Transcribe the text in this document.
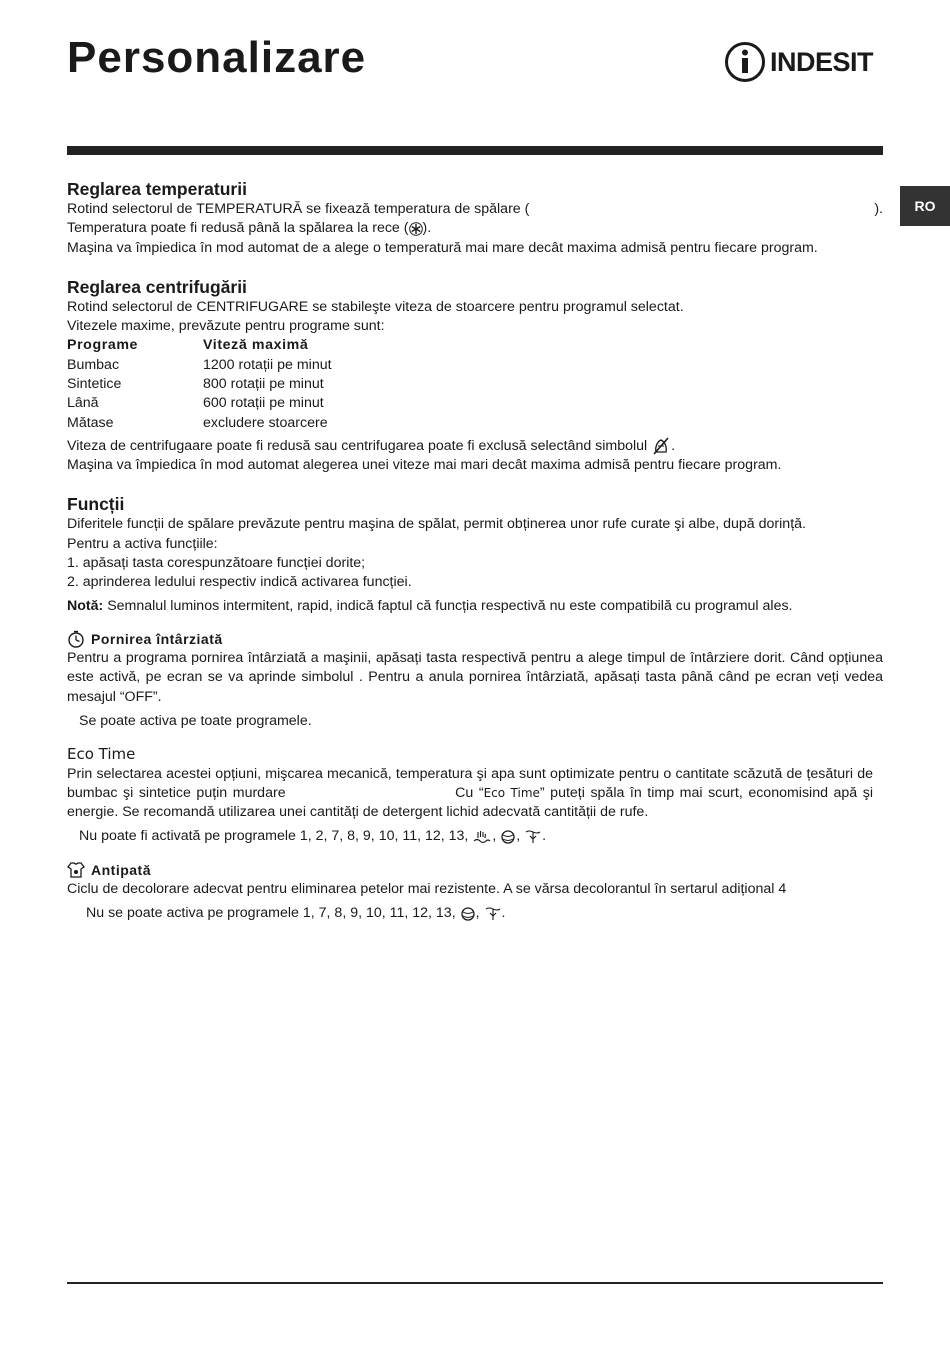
Personalizare	INDESIT
RO
Reglarea temperaturii

Rotind selectorul de TEMPERATURĂ se fixează temperatura de spălare (	).

Temperatura poate fi redusă până la spălarea la rece ( ).

Maşina va împiedica în mod automat de a alege o temperatură mai mare decât maxima admisă pentru fiecare program.

Reglarea centrifugării

Rotind selectorul de CENTRIFUGARE se stabileşte viteza de stoarcere pentru programul selectat.

Vitezele maxime, prevăzute pentru programe sunt:

Programe	Viteză maximă
Bumbac	1200 rotații pe minut
Sintetice	800 rotații pe minut
Lână	600 rotații pe minut
Mătase	excludere stoarcere

Viteza de centrifugaare poate fi redusă sau centrifugarea poate fi exclusă selectând simbolul .

Maşina va împiedica în mod automat alegerea unei viteze mai mari decât maxima admisă pentru fiecare program.

Funcții

Diferitele funcții de spălare prevăzute pentru maşina de spălat, permit obținerea unor rufe curate şi albe, după dorință.

Pentru a activa funcțiile:

1. apăsați tasta corespunzătoare funcției dorite;

2. aprinderea ledului respectiv indică activarea funcției.

Notă: Semnalul luminos intermitent, rapid, indică faptul că funcția respectivă nu este compatibilă cu programul ales.

Pornirea întârziată

Pentru a programa pornirea întârziată a maşinii, apăsați tasta respectivă pentru a alege timpul de întârziere dorit. Când opțiunea este activă, pe ecran se va aprinde simbolul . Pentru a anula pornirea întârziată, apăsați tasta până când pe ecran veți vedea mesajul “OFF”.

Se poate activa pe toate programele.

Eco Time

Prin selectarea acestei opțiuni, mişcarea mecanică, temperatura şi apa sunt optimizate pentru o cantitate scăzută de țesături de bumbac şi sintetice puțin murdare	Cu “Eco Time” puteți spăla în timp mai scurt, economisind apă şi energie. Se recomandă utilizarea unei cantități de detergent lichid adecvată cantității de rufe.

Nu poate fi activată pe programele 1, 2, 7, 8, 9, 10, 11, 12, 13, , , .

Antipată

Ciclu de decolorare adecvat pentru eliminarea petelor mai rezistente. A se vărsa decolorantul în sertarul adițional 4

Nu se poate activa pe programele 1, 7, 8, 9, 10, 11, 12, 13, , .
